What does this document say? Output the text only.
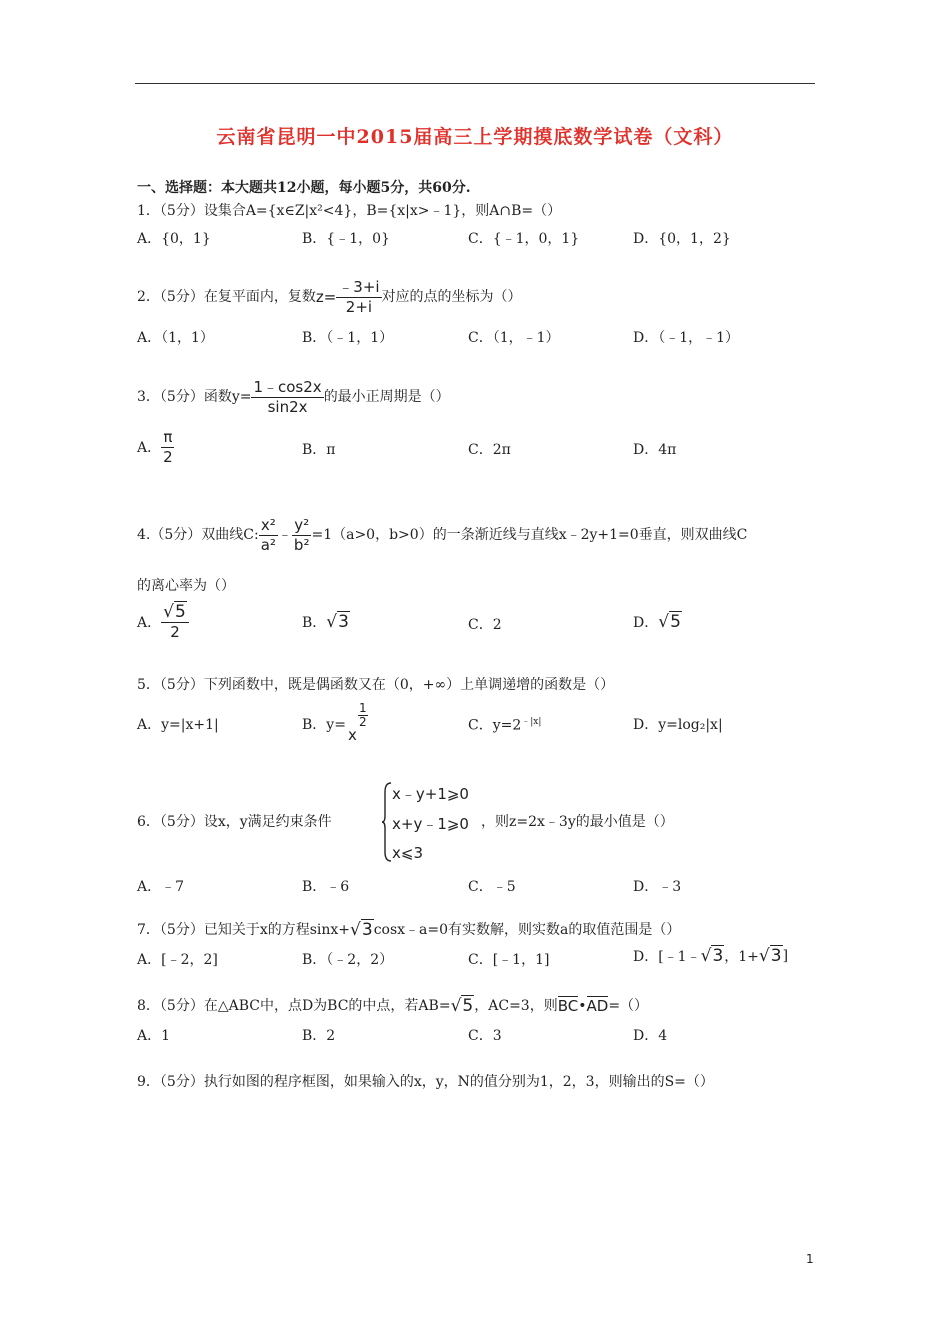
云南省昆明一中2015届高三上学期摸底数学试卷（文科）
一、选择题：本大题共12小题，每小题5分，共60分.
1．（5分）设集合A={x∈Z|x²<4}，B={x|x>﹣1}，则A∩B=（）
A．{0，1}	B．{﹣1，0}	C．{﹣1，0，1}	D．{0，1，2}
2．（5分）在复平面内，复数 $z= \frac{﹣3+i}{2+i}$ 对应的点的坐标为（）
A．（1，1）	B．（﹣1，1）	C．（1，﹣1）	D．（﹣1，﹣1）
3．（5分）函数$y= \frac{1﹣\cos 2x}{\sin 2x}$ 的最小正周期是（）
A． $\frac{\pi}{2}$	B．π	C．2π	D．4π
4.（5分）双曲线C: $\frac{\text{x²}}{\text{a²}}$ ﹣ $\frac{\text{y²}}{\text{b²}} =1(a>0$，b>0）的一条渐近线与直线x﹣2y+1=0垂直，则双曲线C
的离心率为（）
A． $\frac{√5}{2}$	B． √3	C．2	D． √5
5．（5分）下列函数中，既是偶函数又在（0，+∞）上单调递增的函数是（）
A．y=|x+1|	B．y=
x
$\frac{1}{2}$	C．$y=2^{﹣|x|}$	D．y=log₂|x|
6．（5分）设x，y满足约束条件
x﹣y+1⩾0
x+y﹣1⩾0
x⩽3
，则z=2x﹣3y的最小值是（）
A．﹣7	B．﹣6	C．﹣5	D．﹣3
7．（5分）已知关于x的方程sinx+ √3 cosx﹣a=0有实数解，则实数a的取值范围是（）
A．[﹣2，2]	B．（﹣2，2）	C．[﹣1，1]	D．[﹣1﹣ √3 ，1+ √3 ]
8．（5分）在△ABC中，点D为BC的中点，若AB= √5 ，AC=3，则 BC • AD =（）
A．1	B．2	C．3	D．4
9．（5分）执行如图的程序框图，如果输入的x，y，N的值分别为1，2，3，则输出的S=（）
1
